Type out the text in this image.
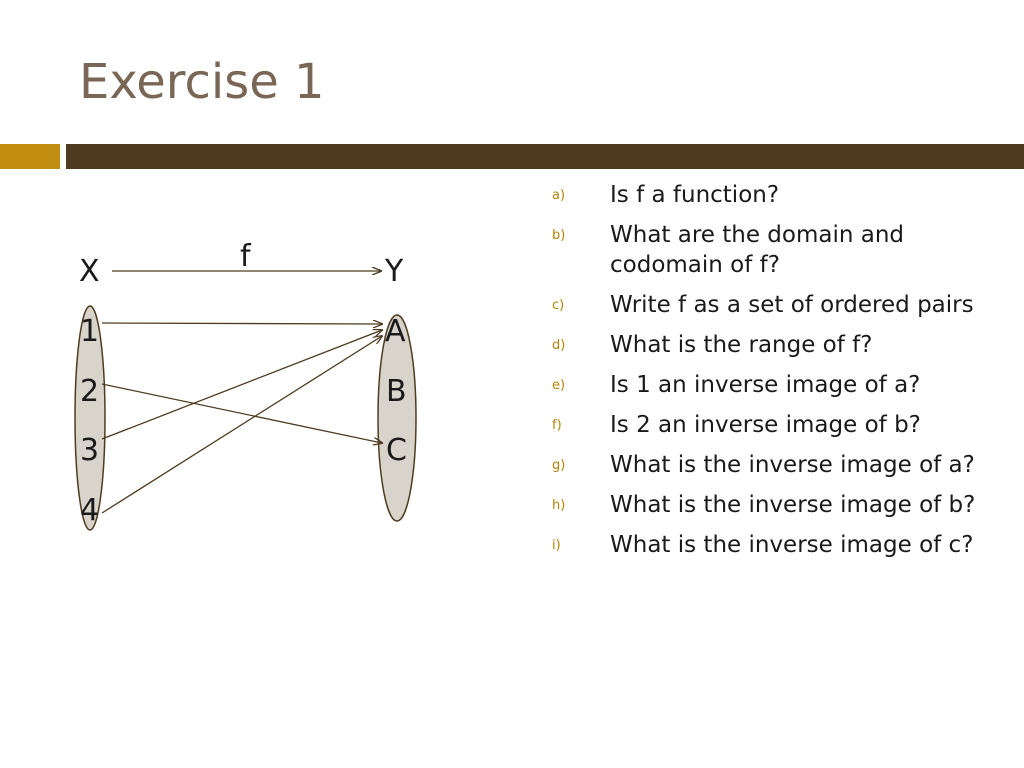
Exercise 1
X	Y
f
1
2
3
4
A
B
C
a) Is f a function?
b) What are the domain and codomain of f?
c) Write f as a set of ordered pairs
d) What is the range of f?
e) Is 1 an inverse image of a?
f) Is 2 an inverse image of b?
g) What is the inverse image of a?
h) What is the inverse image of b?
i) What is the inverse image of c?
